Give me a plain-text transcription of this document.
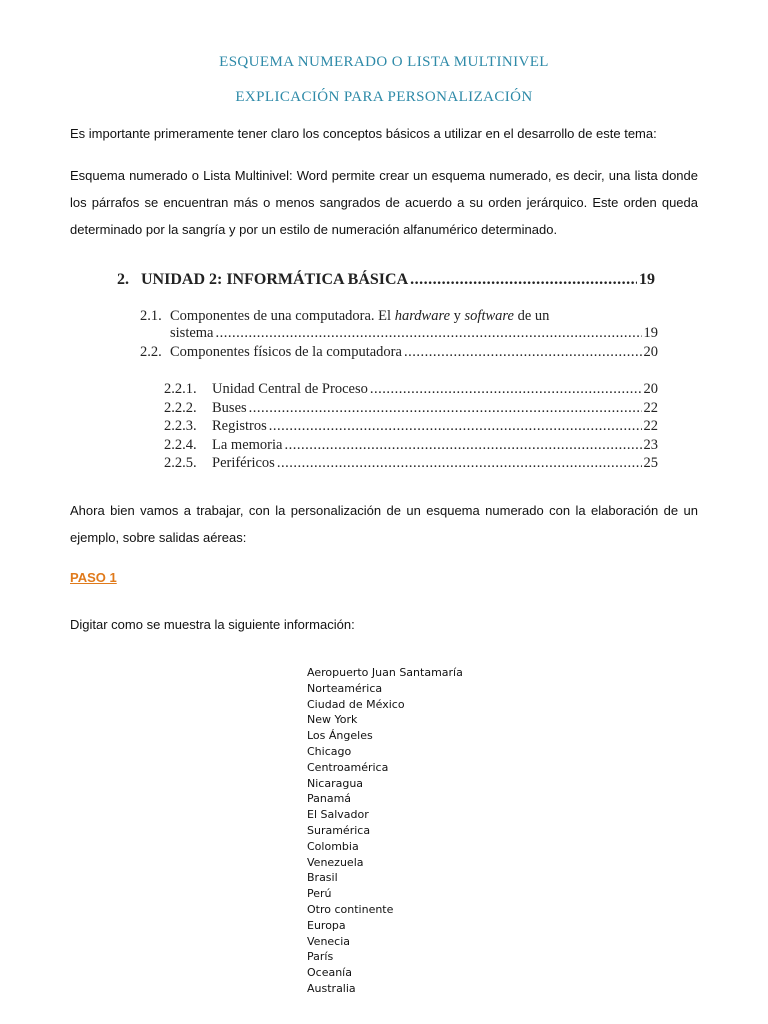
ESQUEMA NUMERADO O LISTA MULTINIVEL
EXPLICACIÓN PARA PERSONALIZACIÓN
Es importante primeramente tener claro los conceptos básicos a utilizar en el desarrollo de este tema:
Esquema numerado o Lista Multinivel: Word permite crear un esquema numerado, es decir, una lista donde
los párrafos se encuentran más o menos sangrados de acuerdo a su orden jerárquico. Este orden queda
determinado por la sangría y por un estilo de numeración alfanumérico determinado.
2. UNIDAD 2: INFORMÁTICA BÁSICA .....	19
2.1. Componentes de una computadora. El hardware y software de un
sistema .....	19
2.2. Componentes físicos de la computadora .....	20
2.2.1.	Unidad Central de Proceso .....	20
2.2.2.	Buses .....	22
2.2.3.	Registros .....	22
2.2.4.	La memoria .....	23
2.2.5.	Periféricos .....	25
Ahora bien vamos a trabajar, con la personalización de un esquema numerado con la elaboración de un
ejemplo, sobre salidas aéreas:
PASO 1
Digitar como se muestra la siguiente información:
Aeropuerto Juan Santamaría
Norteamérica
Ciudad de México
New York
Los Ángeles
Chicago
Centroamérica
Nicaragua
Panamá
El Salvador
Suramérica
Colombia
Venezuela
Brasil
Perú
Otro continente
Europa
Venecia
París
Oceanía
Australia
